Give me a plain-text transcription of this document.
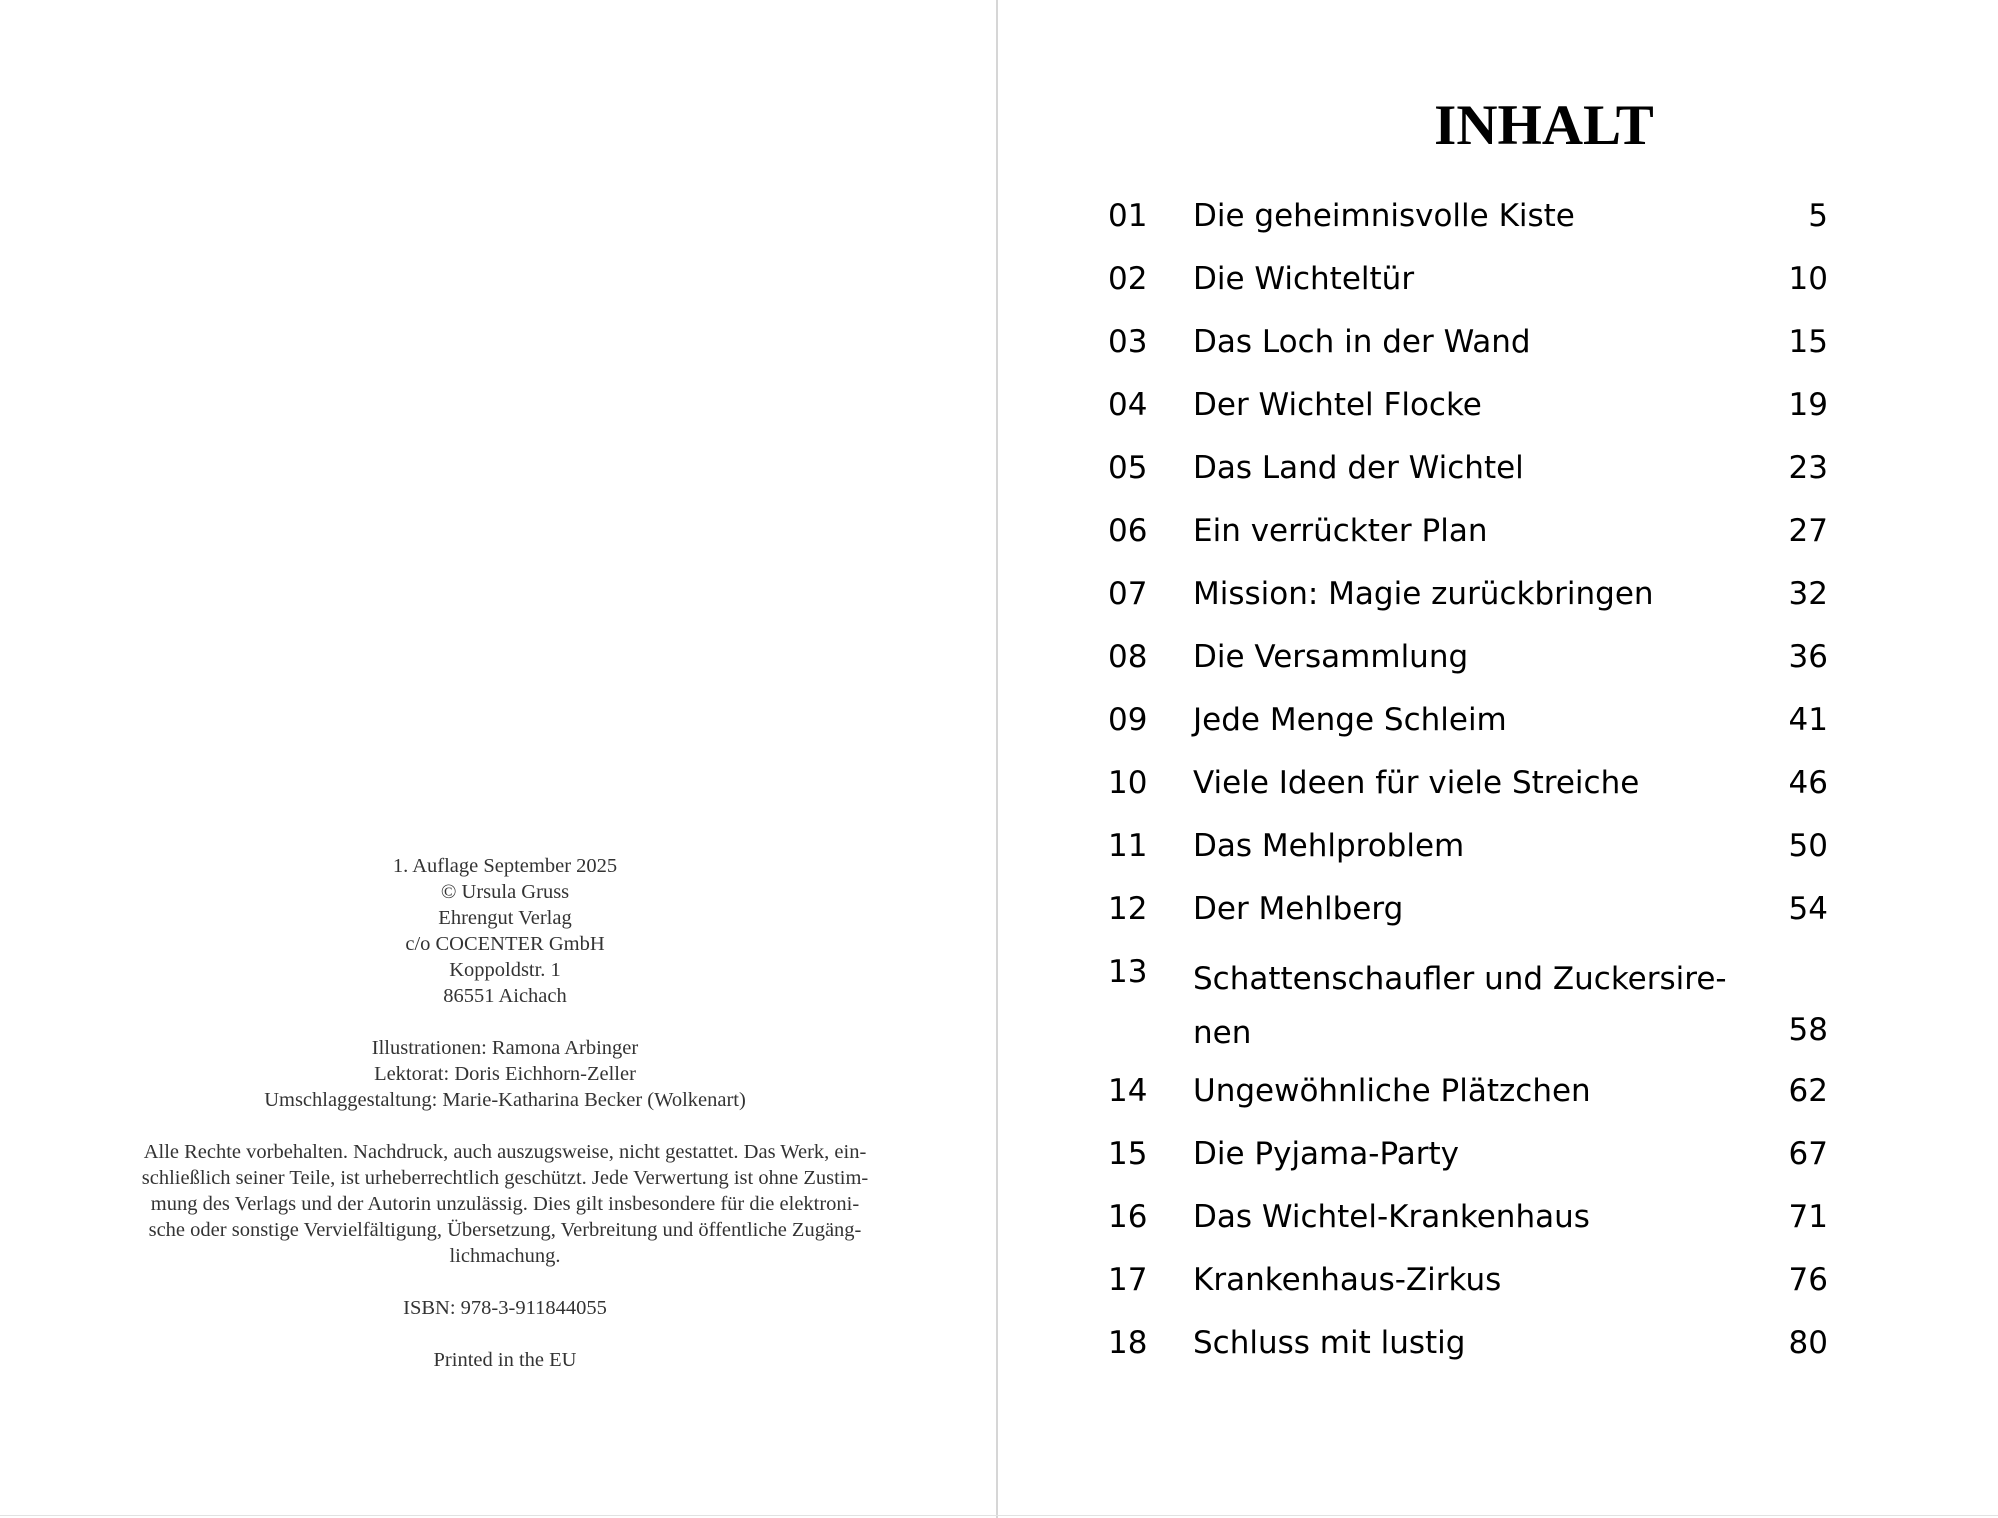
1. Auflage September 2025
© Ursula Gruss
Ehrengut Verlag
c/o COCENTER GmbH
Koppoldstr. 1
86551 Aichach
Illustrationen: Ramona Arbinger
Lektorat: Doris Eichhorn-Zeller
Umschlaggestaltung: Marie-Katharina Becker (Wolkenart)
Alle Rechte vorbehalten. Nachdruck, auch auszugsweise, nicht gestattet. Das Werk, ein-
schließlich seiner Teile, ist urheberrechtlich geschützt. Jede Verwertung ist ohne Zustim-
mung des Verlags und der Autorin unzulässig. Dies gilt insbesondere für die elektroni-
sche oder sonstige Vervielfältigung, Übersetzung, Verbreitung und öffentliche Zugäng-
lichmachung.
ISBN: 978-3-911844055
Printed in the EU
INHALT
01	Die geheimnisvolle Kiste	5
02	Die Wichteltür	10
03	Das Loch in der Wand	15
04	Der Wichtel Flocke	19
05	Das Land der Wichtel	23
06	Ein verrückter Plan	27
07	Mission: Magie zurückbringen	32
08	Die Versammlung	36
09	Jede Menge Schleim	41
10	Viele Ideen für viele Streiche	46
11	Das Mehlproblem	50
12	Der Mehlberg	54
13	Schattenschaufler und Zuckersire-
nen	58
14	Ungewöhnliche Plätzchen	62
15	Die Pyjama-Party	67
16	Das Wichtel-Krankenhaus	71
17	Krankenhaus-Zirkus	76
18	Schluss mit lustig	80
